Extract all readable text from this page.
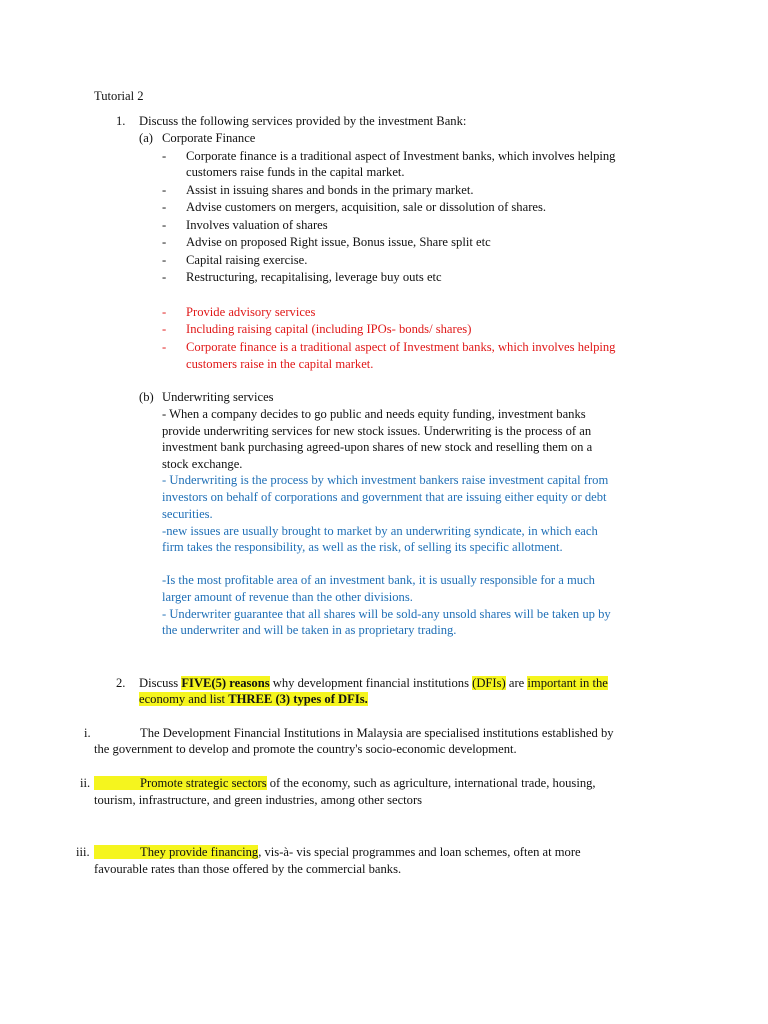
Tutorial 2
1. Discuss the following services provided by the investment Bank:
(a) Corporate Finance
- Corporate finance is a traditional aspect of Investment banks, which involves helping
customers raise funds in the capital market.
- Assist in issuing shares and bonds in the primary market.
- Advise customers on mergers, acquisition, sale or dissolution of shares.
- Involves valuation of shares
- Advise on proposed Right issue, Bonus issue, Share split etc
- Capital raising exercise.
- Restructuring, recapitalising, leverage buy outs etc
- Provide advisory services
- Including raising capital (including IPOs- bonds/ shares)
- Corporate finance is a traditional aspect of Investment banks, which involves helping
customers raise in the capital market.
(b) Underwriting services
- When a company decides to go public and needs equity funding, investment banks
provide underwriting services for new stock issues. Underwriting is the process of an
investment bank purchasing agreed-upon shares of new stock and reselling them on a
stock exchange.
- Underwriting is the process by which investment bankers raise investment capital from
investors on behalf of corporations and government that are issuing either equity or debt
securities.
-new issues are usually brought to market by an underwriting syndicate, in which each
firm takes the responsibility, as well as the risk, of selling its specific allotment.
-Is the most profitable area of an investment bank, it is usually responsible for a much
larger amount of revenue than the other divisions.
- Underwriter guarantee that all shares will be sold-any unsold shares will be taken up by
the underwriter and will be taken in as proprietary trading.
2. Discuss FIVE(5) reasons why development financial institutions (DFIs) are important in the
economy and list THREE (3) types of DFIs.
i.	The Development Financial Institutions in Malaysia are specialised institutions established by
the government to develop and promote the country's socio-economic development.
ii.	Promote strategic sectors of the economy, such as agriculture, international trade, housing,
tourism, infrastructure, and green industries, among other sectors
iii.	They provide financing, vis-à- vis special programmes and loan schemes, often at more
favourable rates than those offered by the commercial banks.
